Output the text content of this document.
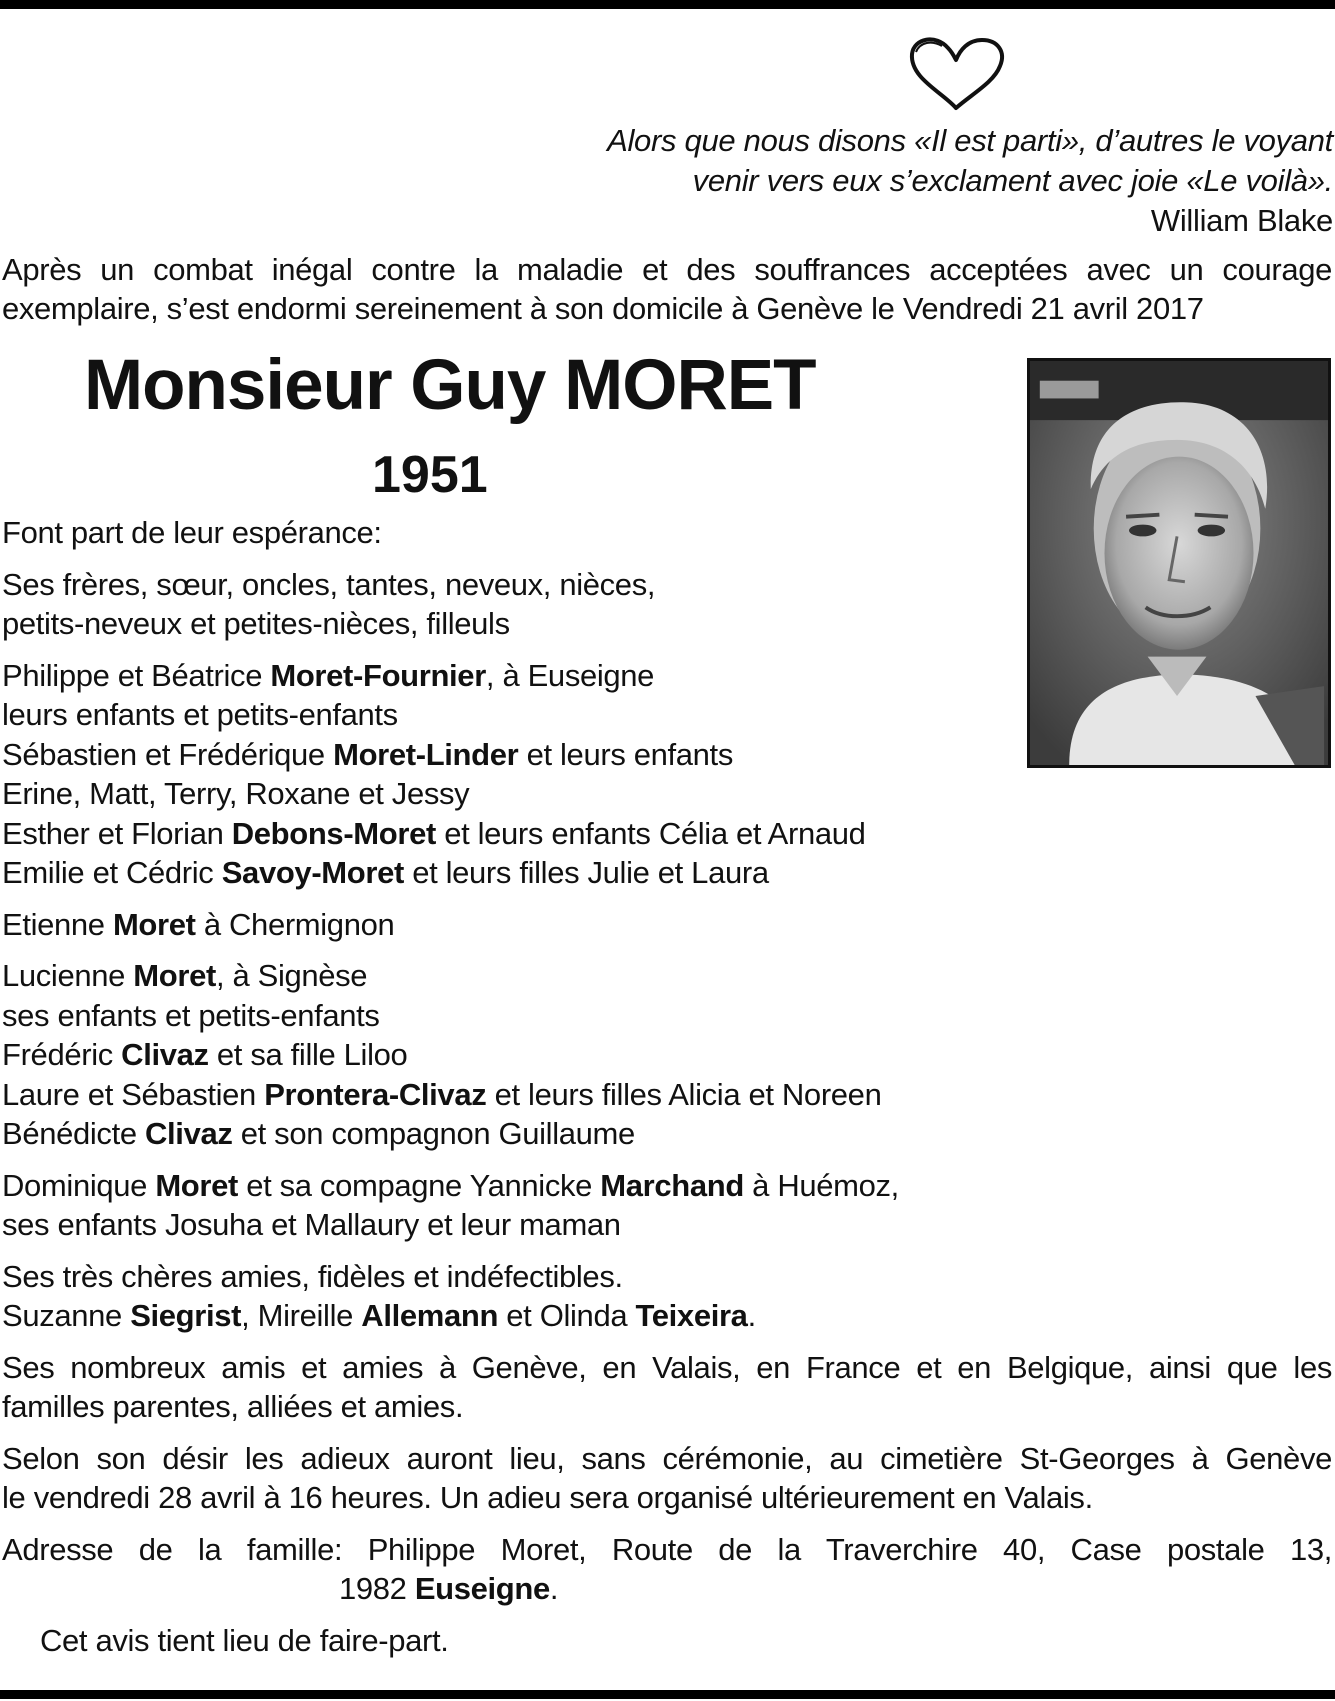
Alors que nous disons «Il est parti», d’autres le voyant
venir vers eux s’exclament avec joie «Le voilà».
William Blake
Après un combat inégal contre la maladie et des souffrances acceptées avec un courage
exemplaire, s’est endormi sereinement à son domicile à Genève le Vendredi 21 avril 2017
Monsieur Guy MORET
1951

Font part de leur espérance:

Ses frères, sœur, oncles, tantes, neveux, nièces,

petits-neveux et petites-nièces, filleuls

Philippe et Béatrice Moret-Fournier, à Euseigne

leurs enfants et petits-enfants

Sébastien et Frédérique Moret-Linder et leurs enfants

Erine, Matt, Terry, Roxane et Jessy

Esther et Florian Debons-Moret et leurs enfants Célia et Arnaud

Emilie et Cédric Savoy-Moret et leurs filles Julie et Laura

Etienne Moret à Chermignon

Lucienne Moret, à Signèse

ses enfants et petits-enfants

Frédéric Clivaz et sa fille Liloo

Laure et Sébastien Prontera-Clivaz et leurs filles Alicia et Noreen

Bénédicte Clivaz et son compagnon Guillaume

Dominique Moret et sa compagne Yannicke Marchand à Huémoz,

ses enfants Josuha et Mallaury et leur maman

Ses très chères amies, fidèles et indéfectibles.

Suzanne Siegrist, Mireille Allemann et Olinda Teixeira.

Ses nombreux amis et amies à Genève, en Valais, en France et en Belgique, ainsi que les

familles parentes, alliées et amies.

Selon son désir les adieux auront lieu, sans cérémonie, au cimetière St-Georges à Genève

le vendredi 28 avril à 16 heures. Un adieu sera organisé ultérieurement en Valais.

Adresse de la famille: Philippe Moret, Route de la Traverchire 40, Case postale 13,

1982 Euseigne.

Cet avis tient lieu de faire-part.
